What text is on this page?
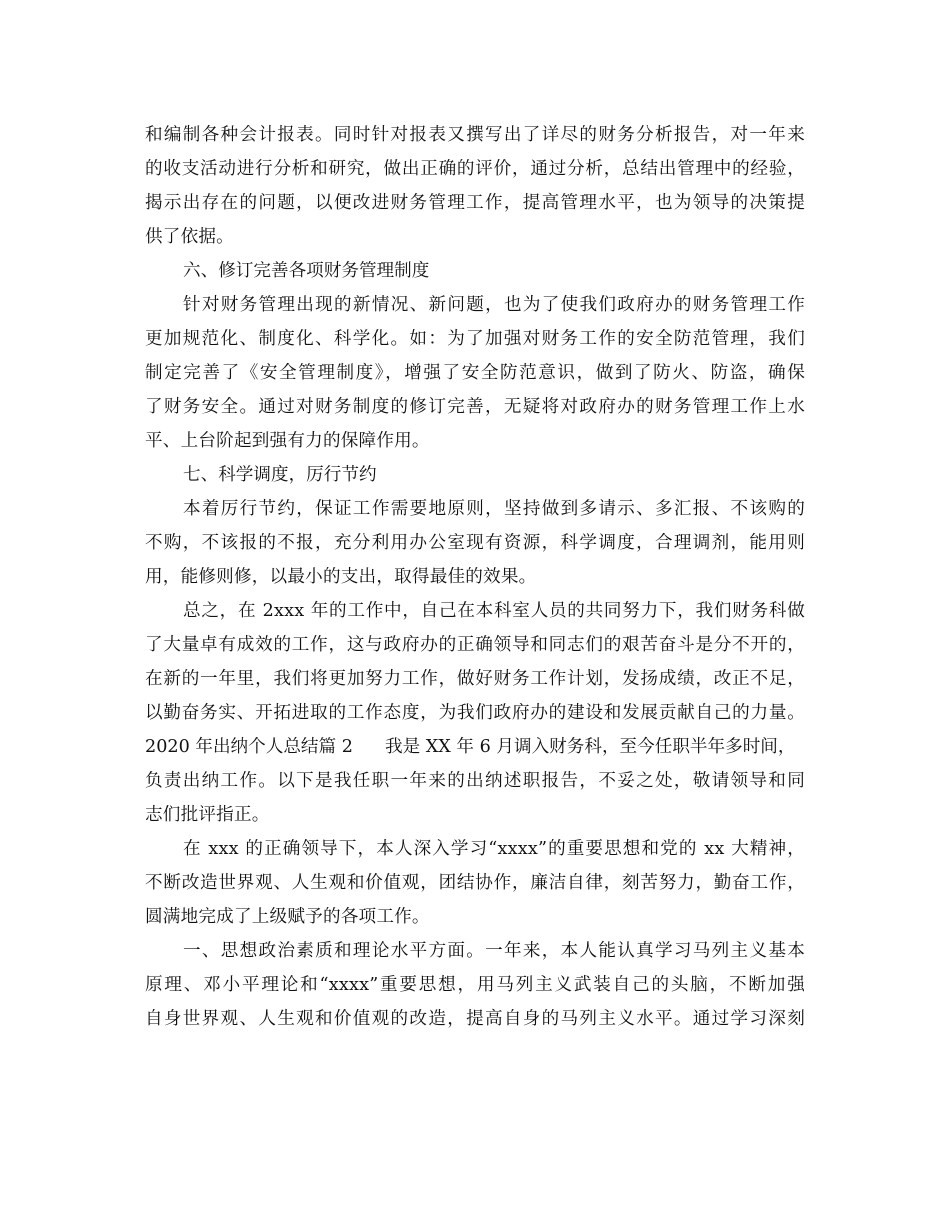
和编制各种会计报表。同时针对报表又撰写出了详尽的财务分析报告，对一年来
的收支活动进行分析和研究，做出正确的评价，通过分析，总结出管理中的经验，
揭示出存在的问题，以便改进财务管理工作，提高管理水平，也为领导的决策提
供了依据。
六、修订完善各项财务管理制度
针对财务管理出现的新情况、新问题，也为了使我们政府办的财务管理工作
更加规范化、制度化、科学化。如：为了加强对财务工作的安全防范管理，我们
制定完善了《安全管理制度》，增强了安全防范意识，做到了防火、防盗，确保
了财务安全。通过对财务制度的修订完善，无疑将对政府办的财务管理工作上水
平、上台阶起到强有力的保障作用。
七、科学调度，厉行节约
本着厉行节约，保证工作需要地原则，坚持做到多请示、多汇报、不该购的
不购，不该报的不报，充分利用办公室现有资源，科学调度，合理调剂，能用则
用，能修则修，以最小的支出，取得最佳的效果。
总之，在 2xxx 年的工作中，自己在本科室人员的共同努力下，我们财务科做
了大量卓有成效的工作，这与政府办的正确领导和同志们的艰苦奋斗是分不开的，
在新的一年里，我们将更加努力工作，做好财务工作计划，发扬成绩，改正不足，
以勤奋务实、开拓进取的工作态度，为我们政府办的建设和发展贡献自己的力量。
2020 年出纳个人总结篇 2 我是 XX 年 6 月调入财务科，至今任职半年多时间，
负责出纳工作。以下是我任职一年来的出纳述职报告，不妥之处，敬请领导和同
志们批评指正。
在 xxx 的正确领导下，本人深入学习“xxxx”的重要思想和党的 xx 大精神，
不断改造世界观、人生观和价值观，团结协作，廉洁自律，刻苦努力，勤奋工作，
圆满地完成了上级赋予的各项工作。
一、思想政治素质和理论水平方面。一年来，本人能认真学习马列主义基本
原理、邓小平理论和“xxxx”重要思想，用马列主义武装自己的头脑，不断加强
自身世界观、人生观和价值观的改造，提高自身的马列主义水平。通过学习深刻
